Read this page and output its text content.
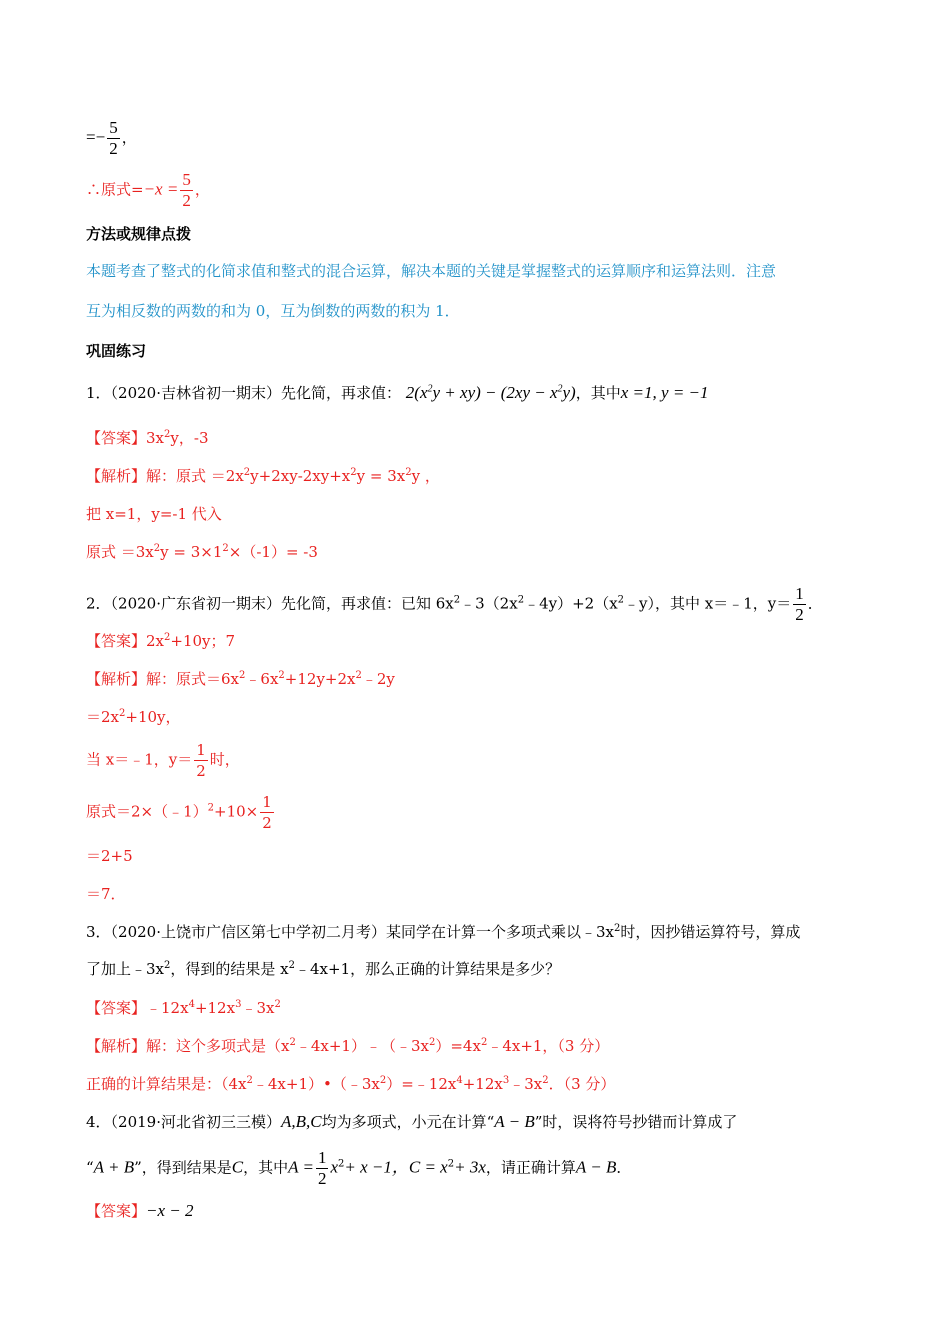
=− $\frac{5}{2}$ ，
∴原式$=-x = \frac{5}{2}$ ，
方法或规律点拨
本题考查了整式的化简求值和整式的混合运算，解决本题的关键是掌握整式的运算顺序和运算法则．注意
互为相反数的两数的和为 0，互为倒数的两数的积为 1．
巩固练习
1．（2020·吉林省初一期末）先化简，再求值： $2(x^2y + xy) - (2xy - x^2y)$，其中x =1, y = −1
【答案】$3x^2y$，-3
【解析】解：原式 $=2x^2y+2xy-2xy+x^2y = 3x^2y$ ，
把 x=1，y=-1 代入
原式 $=3x^2y = 3\times 1^2\times(-1)= -3$
2．（2020·广东省初一期末）先化简，再求值：已知 $6x^2﹣3(2x^2﹣4y)+2(x^2﹣y)$，其中 x＝﹣1，$y= \frac{1}{2}$ ．
【答案】$2x^2+10y$；7
【解析】解：原式$=6x^2﹣6x^2+12y+2x^2﹣2y$
$=2x^2+10y$，
当 x＝﹣1，$y= \frac{1}{2}$ 时，
原式＝2×（﹣1）$^2$+10× $\frac{1}{2}$
＝2+5
＝7．
3．（2020·上饶市广信区第七中学初二月考）某同学在计算一个多项式乘以$﹣3x^2$时，因抄错运算符号，算成
了加上$﹣3x^2$，得到的结果是 $x^2﹣4x+1$，那么正确的计算结果是多少？
【答案】$﹣12x^4+12x^3﹣3x^2$
【解析】解：这个多项式是$(x^2﹣4x+1)﹣(﹣3x^2)=4x^2﹣4x+1$，（3 分）
正确的计算结果是：$(4x^2﹣4x+1)•(﹣3x^2)=﹣12x^4+12x^3﹣3x^2$．（3 分）
4．（2019·河北省初三三模）A,B,C均为多项式，小元在计算“A − B”时，误将符号抄错而计算成了
“A + B”，得到结果是C，其中$A = \frac{1}{2} x^2+ x -1$，$C = x^2+ 3x$，请正确计算A − B．
【答案】−x − 2
